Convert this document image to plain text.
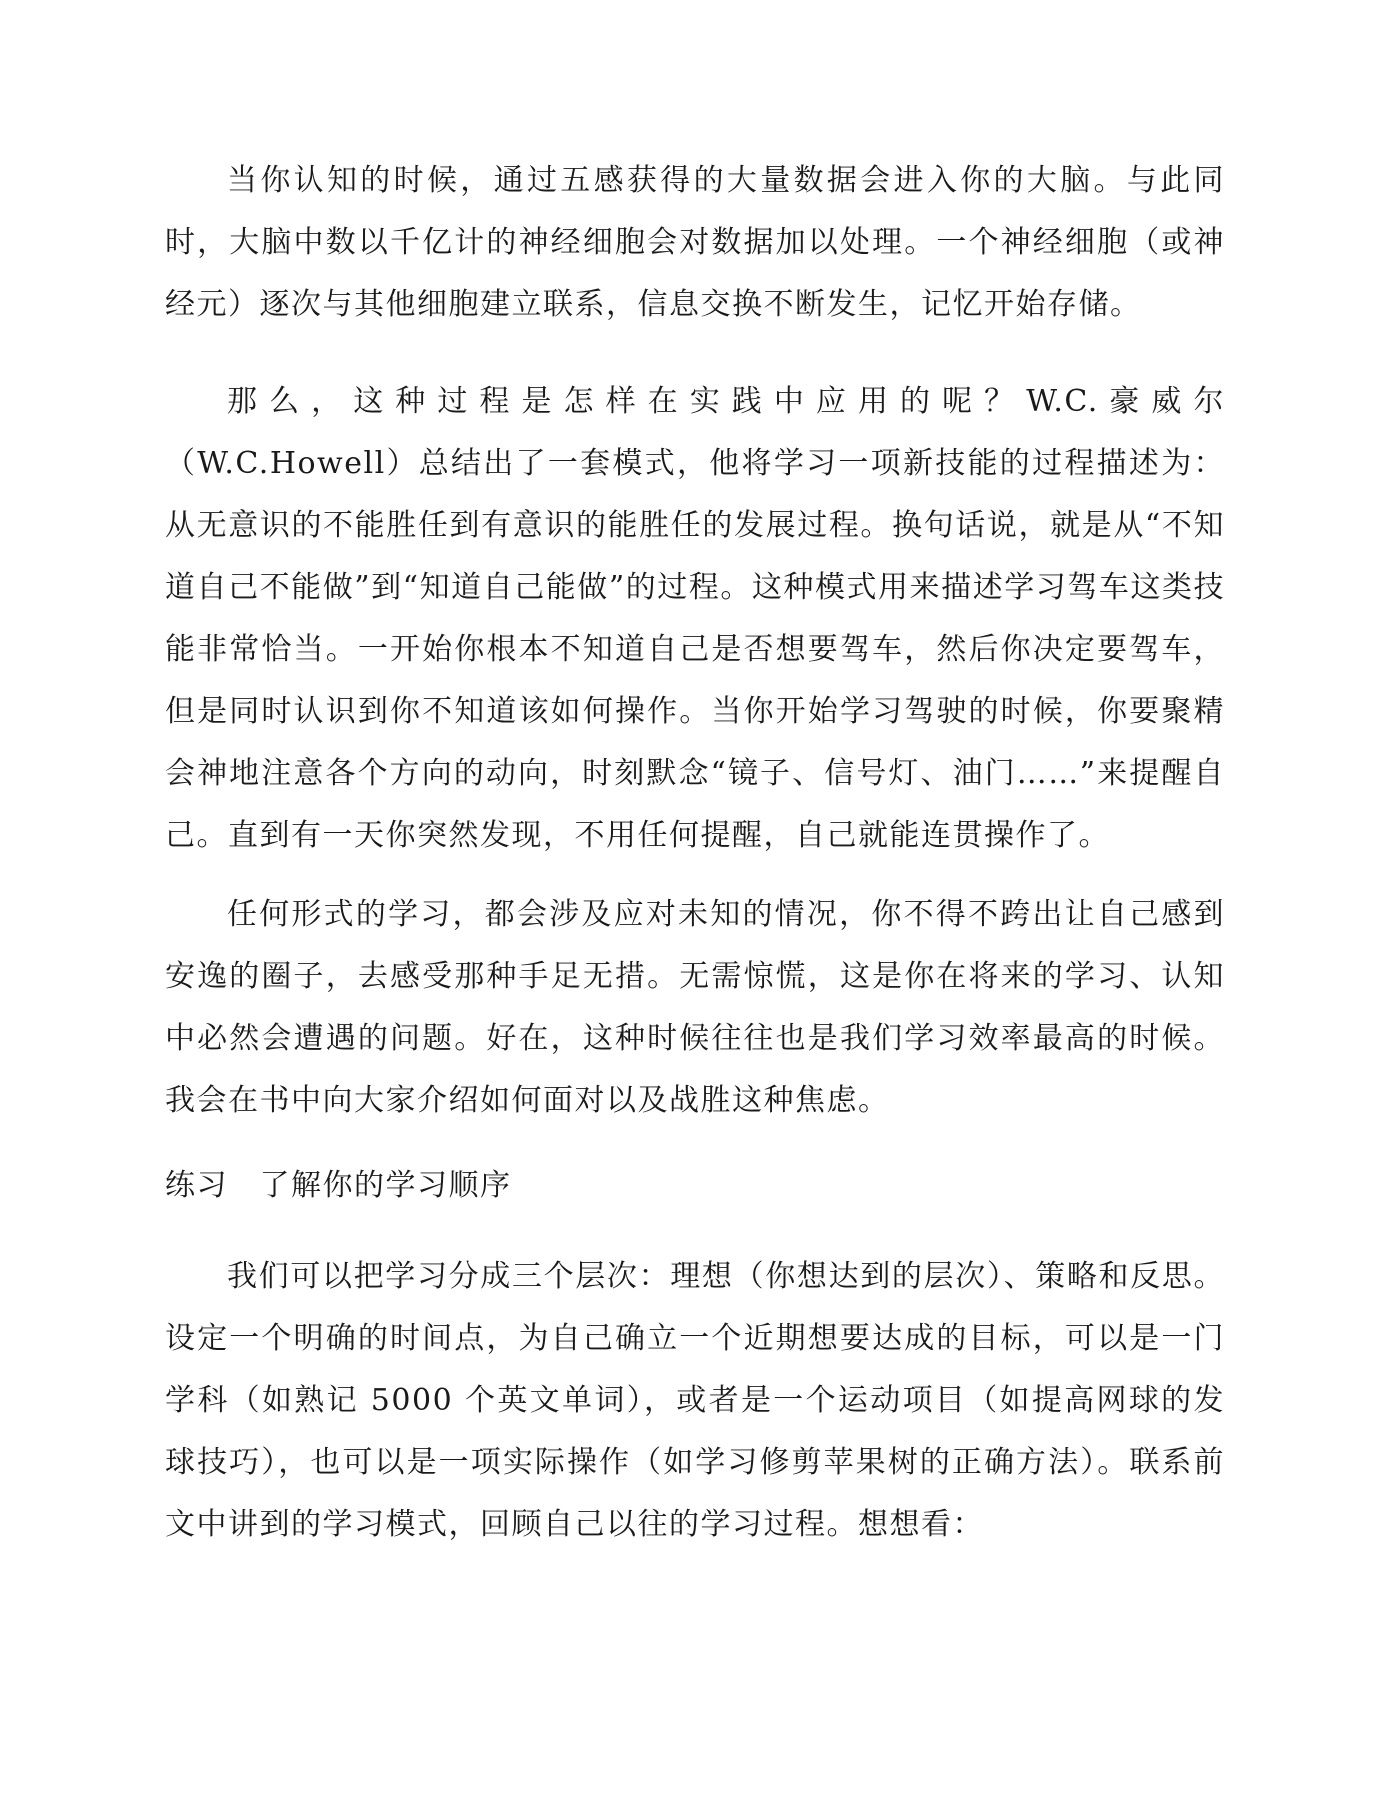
当你认知的时候，通过五感获得的大量数据会进入你的大脑。与此同时，大脑中数以千亿计的神经细胞会对数据加以处理。一个神经细胞（或神经元）逐次与其他细胞建立联系，信息交换不断发生，记忆开始存储。

那么，这种过程是怎样在实践中应用的呢？W.C.豪威尔（W.C.Howell）总结出了一套模式，他将学习一项新技能的过程描述为：从无意识的不能胜任到有意识的能胜任的发展过程。换句话说，就是从“不知道自己不能做”到“知道自己能做”的过程。这种模式用来描述学习驾车这类技能非常恰当。一开始你根本不知道自己是否想要驾车，然后你决定要驾车，但是同时认识到你不知道该如何操作。当你开始学习驾驶的时候，你要聚精会神地注意各个方向的动向，时刻默念“镜子、信号灯、油门……”来提醒自己。直到有一天你突然发现，不用任何提醒，自己就能连贯操作了。

任何形式的学习，都会涉及应对未知的情况，你不得不跨出让自己感到安逸的圈子，去感受那种手足无措。无需惊慌，这是你在将来的学习、认知中必然会遭遇的问题。好在，这种时候往往也是我们学习效率最高的时候。我会在书中向大家介绍如何面对以及战胜这种焦虑。

练习　了解你的学习顺序

我们可以把学习分成三个层次：理想（你想达到的层次）、策略和反思。设定一个明确的时间点，为自己确立一个近期想要达成的目标，可以是一门学科（如熟记 5000 个英文单词），或者是一个运动项目（如提高网球的发球技巧），也可以是一项实际操作（如学习修剪苹果树的正确方法）。联系前文中讲到的学习模式，回顾自己以往的学习过程。想想看：
